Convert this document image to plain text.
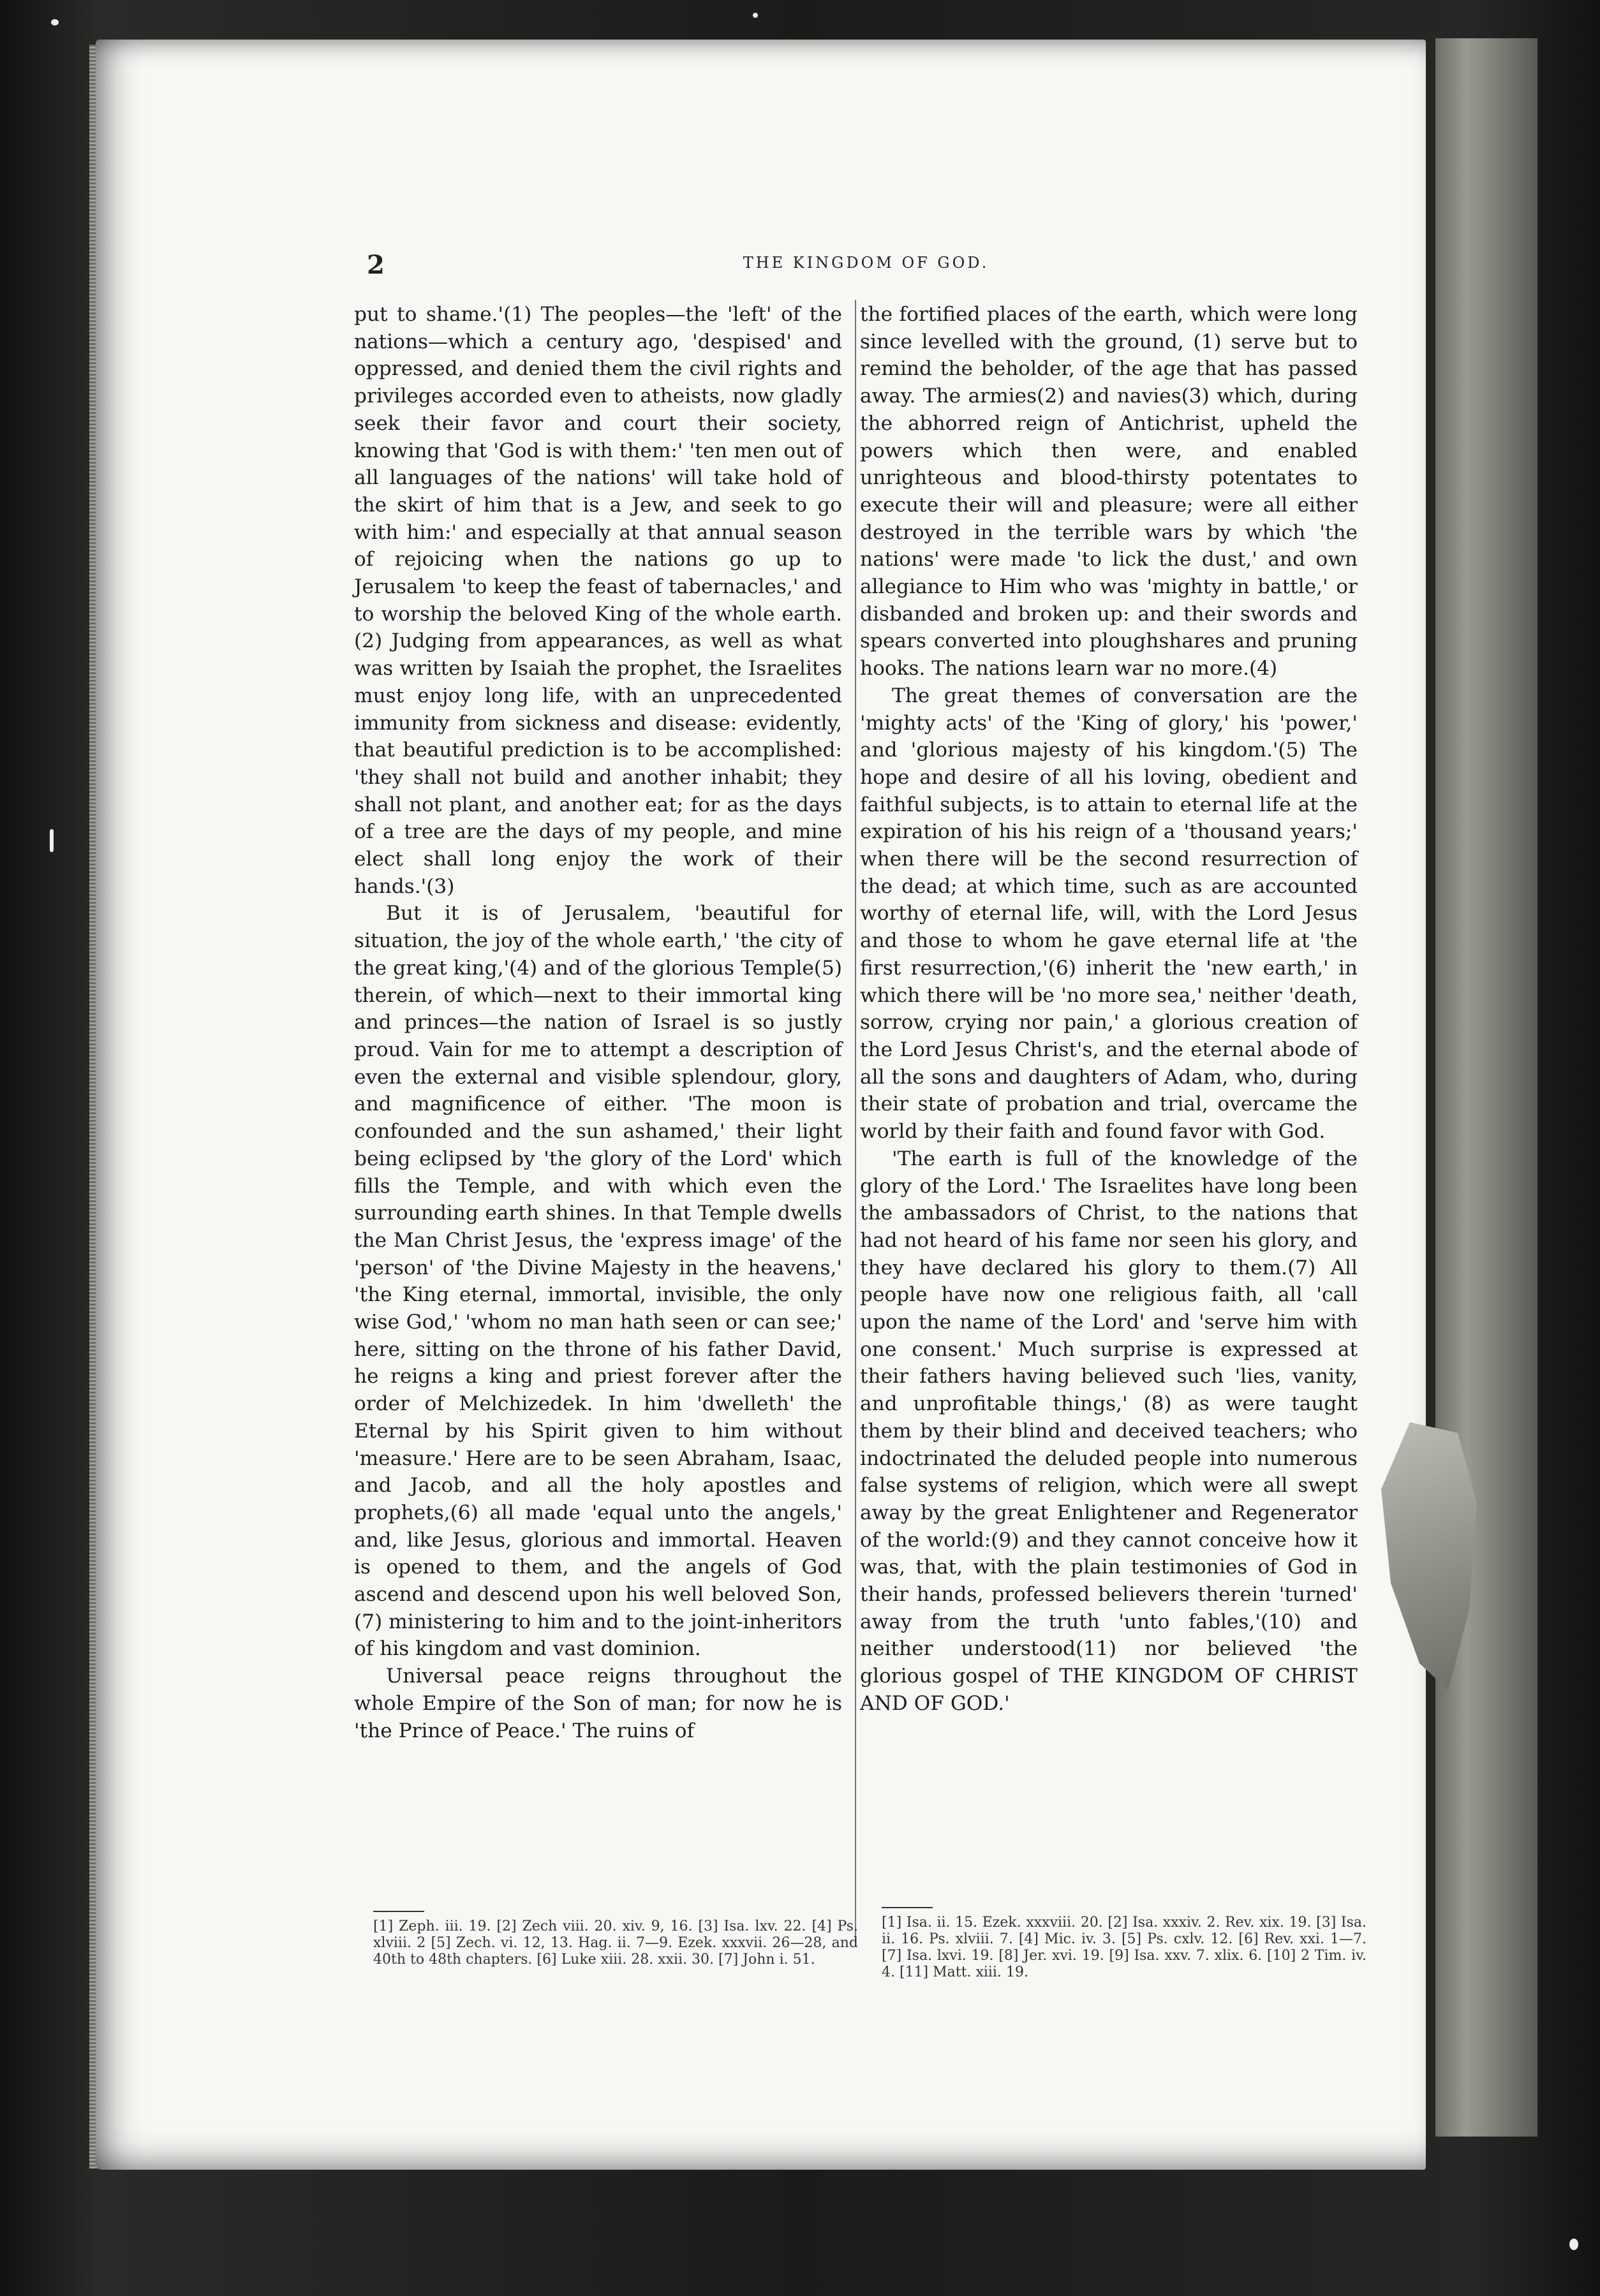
2	THE KINGDOM OF GOD.

put to shame.'(1) The peoples—the 'left' of the nations—which a century ago, 'despised' and oppressed, and denied them the civil rights and privileges accorded even to atheists, now gladly seek their favor and court their society, knowing that 'God is with them:' 'ten men out of all languages of the nations' will take hold of the skirt of him that is a Jew, and seek to go with him:' and especially at that annual season of rejoicing when the nations go up to Jerusalem 'to keep the feast of tabernacles,' and to worship the beloved King of the whole earth.(2) Judging from appearances, as well as what was written by Isaiah the prophet, the Israelites must enjoy long life, with an unprecedented immunity from sickness and disease: evidently, that beautiful prediction is to be accomplished: 'they shall not build and another inhabit; they shall not plant, and another eat; for as the days of a tree are the days of my people, and mine elect shall long enjoy the work of their hands.'(3)

But it is of Jerusalem, 'beautiful for situation, the joy of the whole earth,' 'the city of the great king,'(4) and of the glorious Temple(5) therein, of which—next to their immortal king and princes—the nation of Israel is so justly proud. Vain for me to attempt a description of even the external and visible splendour, glory, and magnificence of either. 'The moon is confounded and the sun ashamed,' their light being eclipsed by 'the glory of the Lord' which fills the Temple, and with which even the surrounding earth shines. In that Temple dwells the Man Christ Jesus, the 'express image' of the 'person' of 'the Divine Majesty in the heavens,' 'the King eternal, immortal, invisible, the only wise God,' 'whom no man hath seen or can see;' here, sitting on the throne of his father David, he reigns a king and priest forever after the order of Melchizedek. In him 'dwelleth' the Eternal by his Spirit given to him without 'measure.' Here are to be seen Abraham, Isaac, and Jacob, and all the holy apostles and prophets,(6) all made 'equal unto the angels,' and, like Jesus, glorious and immortal. Heaven is opened to them, and the angels of God ascend and descend upon his well beloved Son,(7) ministering to him and to the joint-inheritors of his kingdom and vast dominion.

Universal peace reigns throughout the whole Empire of the Son of man; for now he is 'the Prince of Peace.' The ruins of

the fortified places of the earth, which were long since levelled with the ground, (1) serve but to remind the beholder, of the age that has passed away. The armies(2) and navies(3) which, during the abhorred reign of Antichrist, upheld the powers which then were, and enabled unrighteous and blood-thirsty potentates to execute their will and pleasure; were all either destroyed in the terrible wars by which 'the nations' were made 'to lick the dust,' and own allegiance to Him who was 'mighty in battle,' or disbanded and broken up: and their swords and spears converted into ploughshares and pruning hooks. The nations learn war no more.(4)

The great themes of conversation are the 'mighty acts' of the 'King of glory,' his 'power,' and 'glorious majesty of his kingdom.'(5) The hope and desire of all his loving, obedient and faithful subjects, is to attain to eternal life at the expiration of his his reign of a 'thousand years;' when there will be the second resurrection of the dead; at which time, such as are accounted worthy of eternal life, will, with the Lord Jesus and those to whom he gave eternal life at 'the first resurrection,'(6) inherit the 'new earth,' in which there will be 'no more sea,' neither 'death, sorrow, crying nor pain,' a glorious creation of the Lord Jesus Christ's, and the eternal abode of all the sons and daughters of Adam, who, during their state of probation and trial, overcame the world by their faith and found favor with God.

'The earth is full of the knowledge of the glory of the Lord.' The Israelites have long been the ambassadors of Christ, to the nations that had not heard of his fame nor seen his glory, and they have declared his glory to them.(7) All people have now one religious faith, all 'call upon the name of the Lord' and 'serve him with one consent.' Much surprise is expressed at their fathers having believed such 'lies, vanity, and unprofitable things,' (8) as were taught them by their blind and deceived teachers; who indoctrinated the deluded people into numerous false systems of religion, which were all swept away by the great Enlightener and Regenerator of the world:(9) and they cannot conceive how it was, that, with the plain testimonies of God in their hands, professed believers therein 'turned' away from the truth 'unto fables,'(10) and neither understood(11) nor believed 'the glorious gospel of THE KINGDOM OF CHRIST AND OF GOD.'

[1] Zeph. iii. 19. [2] Zech viii. 20. xiv. 9, 16. [3] Isa. lxv. 22. [4] Ps. xlviii. 2 [5] Zech. vi. 12, 13. Hag. ii. 7—9. Ezek. xxxvii. 26—28, and 40th to 48th chapters. [6] Luke xiii. 28. xxii. 30. [7] John i. 51.
[1] Isa. ii. 15. Ezek. xxxviii. 20. [2] Isa. xxxiv. 2. Rev. xix. 19. [3] Isa. ii. 16. Ps. xlviii. 7. [4] Mic. iv. 3. [5] Ps. cxlv. 12. [6] Rev. xxi. 1—7. [7] Isa. lxvi. 19. [8] Jer. xvi. 19. [9] Isa. xxv. 7. xlix. 6. [10] 2 Tim. iv. 4. [11] Matt. xiii. 19.
